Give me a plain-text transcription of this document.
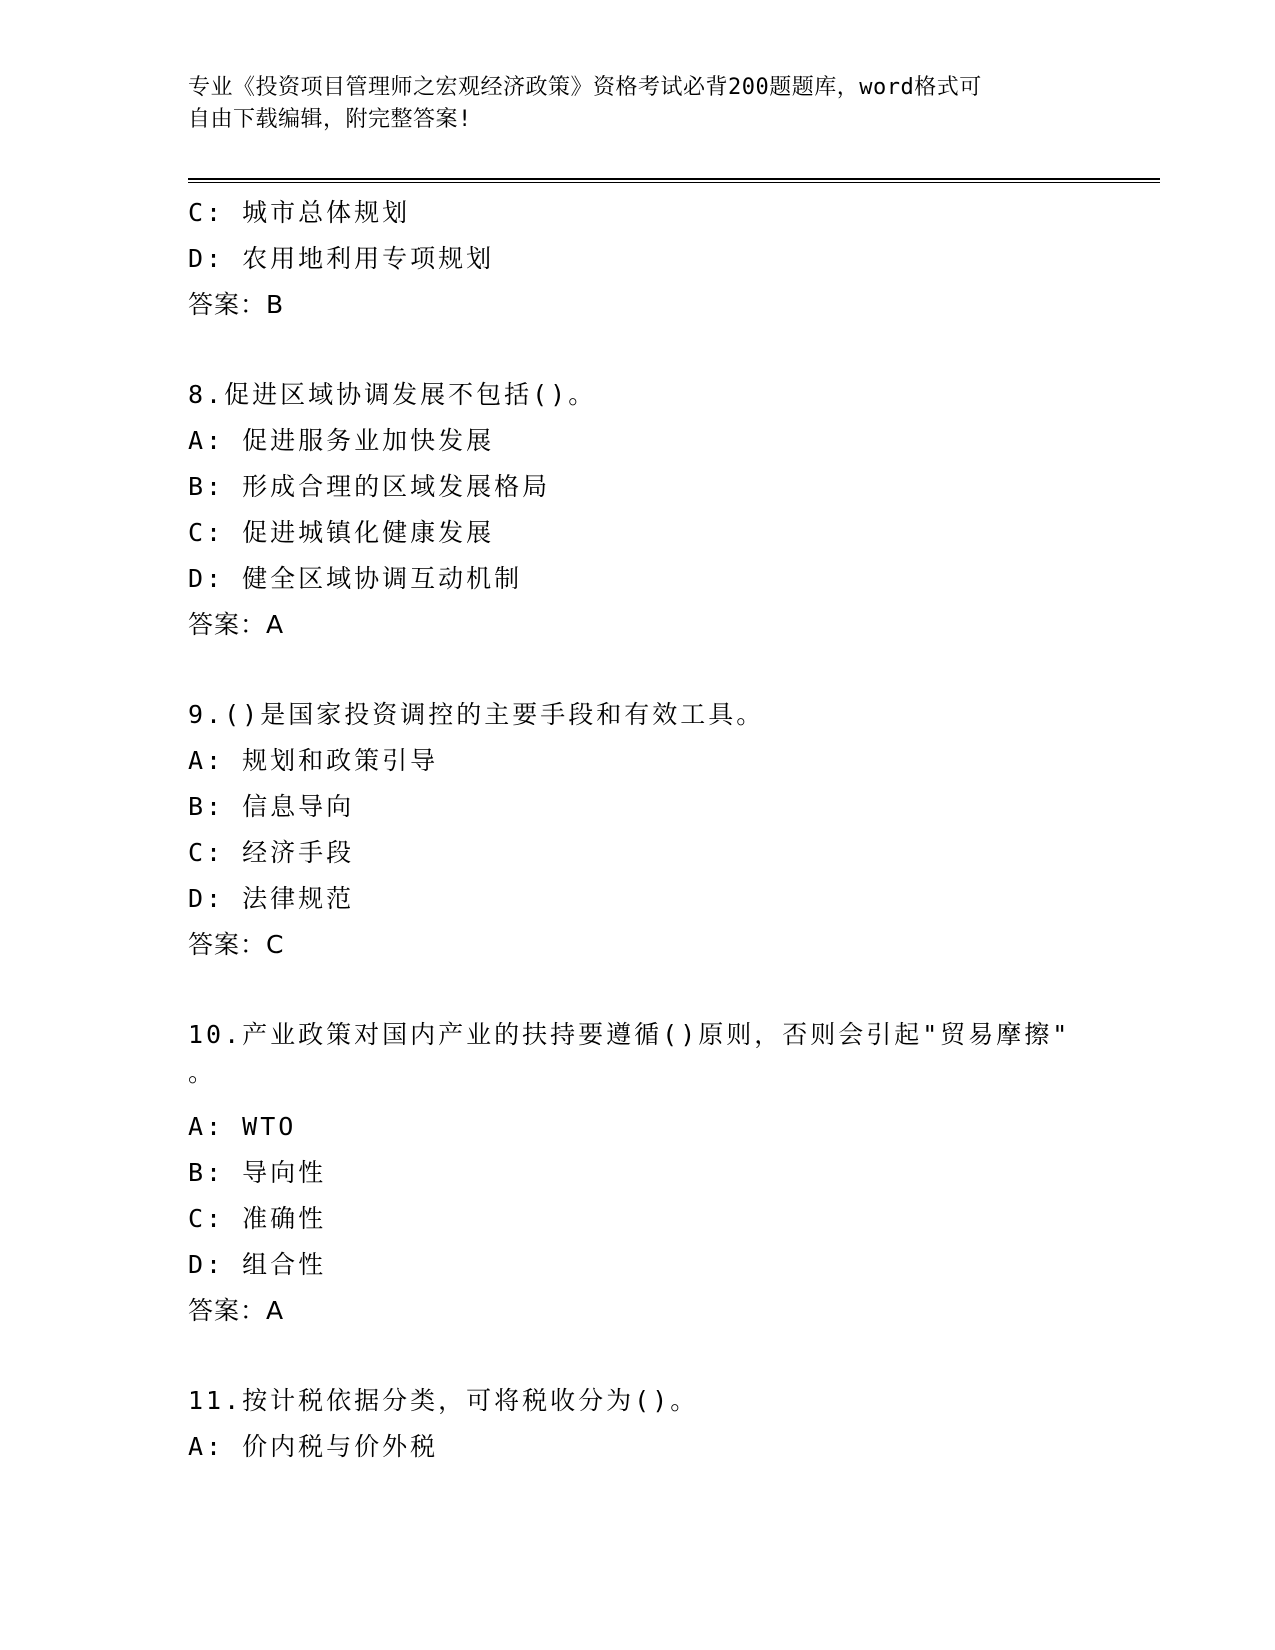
专业《投资项目管理师之宏观经济政策》资格考试必背200题题库，word格式可
自由下载编辑，附完整答案!
C: 城市总体规划
D: 农用地利用专项规划
答案：B
8.促进区域协调发展不包括()。
A: 促进服务业加快发展
B: 形成合理的区域发展格局
C: 促进城镇化健康发展
D: 健全区域协调互动机制
答案：A
9.()是国家投资调控的主要手段和有效工具。
A: 规划和政策引导
B: 信息导向
C: 经济手段
D: 法律规范
答案：C
10.产业政策对国内产业的扶持要遵循()原则，否则会引起"贸易摩擦"
。
A: WTO
B: 导向性
C: 准确性
D: 组合性
答案：A
11.按计税依据分类，可将税收分为()。
A: 价内税与价外税
